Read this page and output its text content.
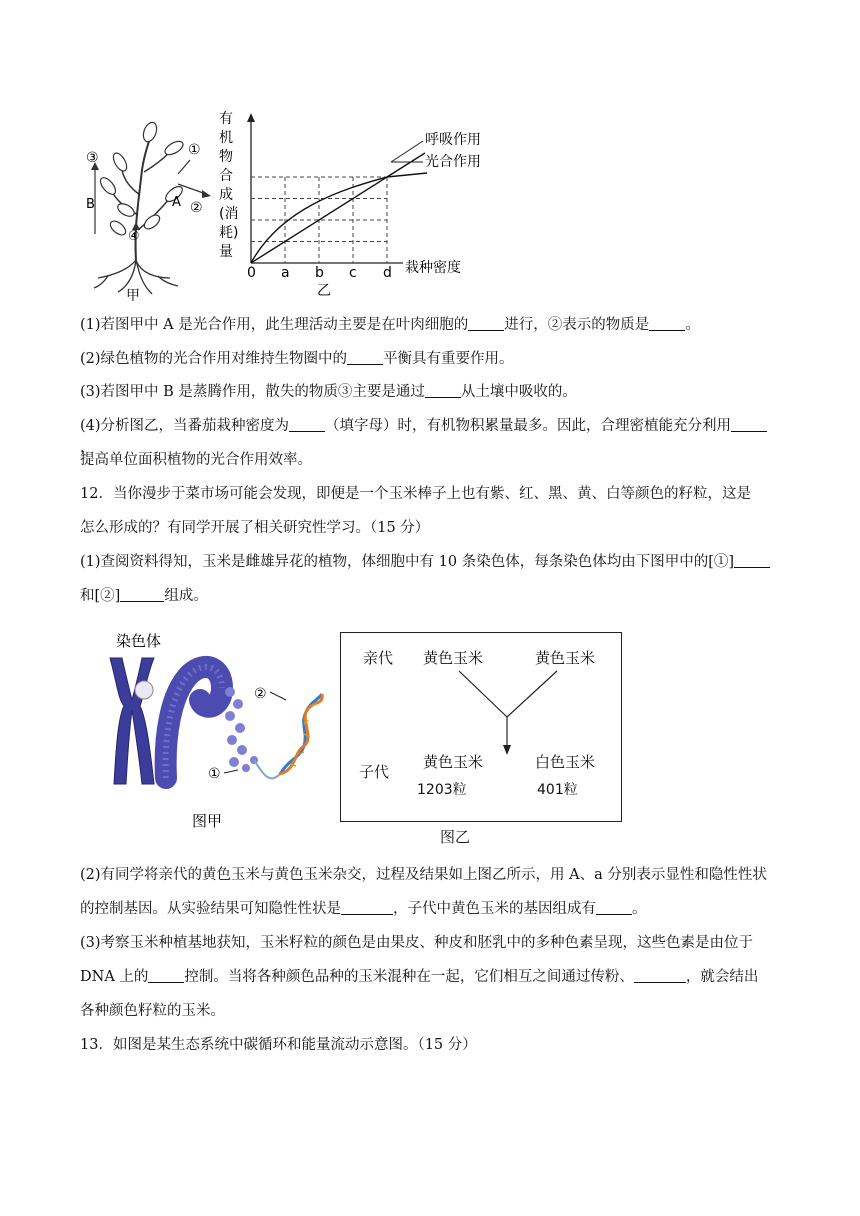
B	A
③	①
②
④
甲
有
机
物
合
成
(消
耗)
量
0 a b c d 栽种密度
呼吸作用
光合作用
乙
(1)若图甲中 A 是光合作用，此生理活动主要是在叶肉细胞的 进行，②表示的物质是 。
(2)绿色植物的光合作用对维持生物圈中的 平衡具有重要作用。
(3)若图甲中 B 是蒸腾作用，散失的物质③主要是通过 从土壤中吸收的。
(4)分析图乙，当番茄栽种密度为 （填字母）时，有机物积累量最多。因此，合理密植能充分利用，
提高单位面积植物的光合作用效率。
12．当你漫步于菜市场可能会发现，即便是一个玉米棒子上也有紫、红、黑、黄、白等颜色的籽粒，这是
怎么形成的？有同学开展了相关研究性学习。（15 分）
(1)查阅资料得知，玉米是雌雄异花的植物，体细胞中有 10 条染色体，每条染色体均由下图甲中的[①]
和[②]	组成。
染色体
②
①
图甲
亲代 黄色玉米	黄色玉米
子代
黄色玉米	白色玉米
1203粒	401粒
图乙
(2)有同学将亲代的黄色玉米与黄色玉米杂交，过程及结果如上图乙所示，用 A、a 分别表示显性和隐性性状
的控制基因。从实验结果可知隐性性状是	，子代中黄色玉米的基因组成有 。
(3)考察玉米种植基地获知，玉米籽粒的颜色是由果皮、种皮和胚乳中的多种色素呈现，这些色素是由位于
DNA 上的 控制。当将各种颜色品种的玉米混种在一起，它们相互之间通过传粉、	，就会结出
各种颜色籽粒的玉米。
13．如图是某生态系统中碳循环和能量流动示意图。（15 分）
